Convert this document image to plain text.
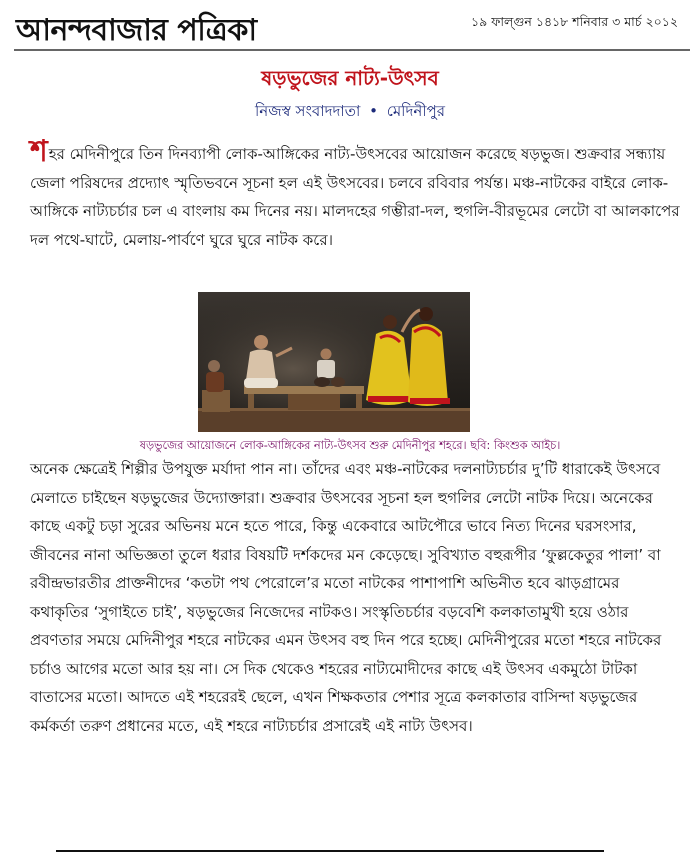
আনন্দবাজার পত্রিকা	১৯ ফাল্গুন ১৪১৮ শনিবার ৩ মার্চ ২০১২
ষড়ভুজের নাট্য-উৎসব
নিজস্ব সংবাদদাতা • মেদিনীপুর

শহর মেদিনীপুরে তিন দিনব্যাপী লোক-আঙ্গিকের নাট্য-উৎসবের আয়োজন করেছে ষড়ভুজ। শুক্রবার সন্ধ্যায় জেলা পরিষদের প্রদ্যোৎ স্মৃতিভবনে সূচনা হল এই উৎসবের। চলবে রবিবার পর্যন্ত। মঞ্চ-নাটকের বাইরে লোক-আঙ্গিকে নাট্যচর্চার চল এ বাংলায় কম দিনের নয়। মালদহের গম্ভীরা-দল, হুগলি-বীরভূমের লেটো বা আলকাপের দল পথে-ঘাটে, মেলায়-পার্বণে ঘুরে ঘুরে নাটক করে।

ষড়ভুজের আয়োজনে লোক-আঙ্গিকের নাট্য-উৎসব শুরু মেদিনীপুর শহরে। ছবি: কিংশুক আইচ।

অনেক ক্ষেত্রেই শিল্পীর উপযুক্ত মর্যাদা পান না। তাঁদের এবং মঞ্চ-নাটকের দলনাট্যচর্চার দু’টি ধারাকেই উৎসবে মেলাতে চাইছেন ষড়ভুজের উদ্যোক্তারা। শুক্রবার উৎসবের সূচনা হল হুগলির লেটো নাটক দিয়ে। অনেকের কাছে একটু চড়া সুরের অভিনয় মনে হতে পারে, কিন্তু একেবারে আটপৌরে ভাবে নিত্য দিনের ঘরসংসার, জীবনের নানা অভিজ্ঞতা তুলে ধরার বিষয়টি দর্শকদের মন কেড়েছে। সুবিখ্যাত বহুরূপীর ‘ফুল্লকেতুর পালা’ বা রবীন্দ্রভারতীর প্রাক্তনীদের ‘কতটা পথ পেরোলে’র মতো নাটকের পাশাপাশি অভিনীত হবে ঝাড়গ্রামের কথাকৃতির ‘সুগাইতে চাই’, ষড়ভুজের নিজেদের নাটকও। সংস্কৃতিচর্চার বড়বেশি কলকাতামুখী হয়ে ওঠার প্রবণতার সময়ে মেদিনীপুর শহরে নাটকের এমন উৎসব বহু দিন পরে হচ্ছে। মেদিনীপুরের মতো শহরে নাটকের চর্চাও আগের মতো আর হয় না। সে দিক থেকেও শহরের নাট্যমোদীদের কাছে এই উৎসব একমুঠো টাটকা বাতাসের মতো। আদতে এই শহরেরই ছেলে, এখন শিক্ষকতার পেশার সূত্রে কলকাতার বাসিন্দা ষড়ভুজের কর্মকর্তা তরুণ প্রধানের মতে, এই শহরে নাট্যচর্চার প্রসারেই এই নাট্য উৎসব।
